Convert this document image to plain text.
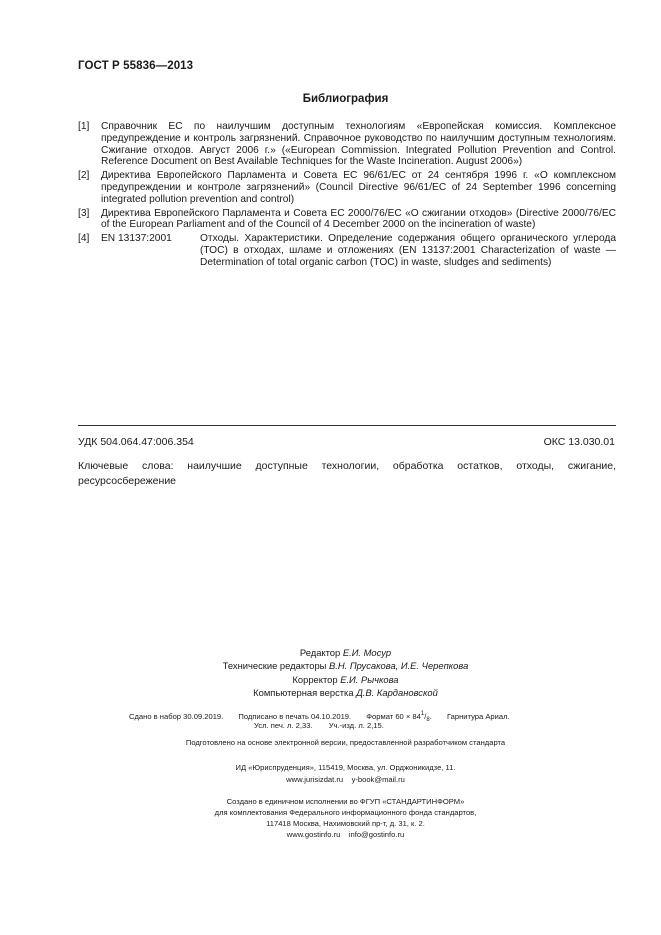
ГОСТ Р 55836—2013
Библиография
[1]	Справочник ЕС по наилучшим доступным технологиям «Европейская комиссия. Комплексное предупреждение и контроль загрязнений. Справочное руководство по наилучшим доступным технологиям. Сжигание отходов. Август 2006 г.» («European Commission. Integrated Pollution Prevention and Control. Reference Document on Best Available Techniques for the Waste Incineration. August 2006»)
[2]	Директива Европейского Парламента и Совета ЕС 96/61/ЕС от 24 сентября 1996 г. «О комплексном предупреждении и контроле загрязнений» (Council Directive 96/61/EC of 24 September 1996 concerning integrated pollution prevention and control)
[3]	Директива Европейского Парламента и Совета ЕС 2000/76/ЕС «О сжигании отходов» (Directive 2000/76/EC of the European Parliament and of the Council of 4 December 2000 on the incineration of waste)
[4]	EN 13137:2001	Отходы. Характеристики. Определение содержания общего органического углерода (ТОС) в отходах, шламе и отложениях (EN 13137:2001 Characterization of waste — Determination of total organic carbon (TOC) in waste, sludges and sediments)
УДК 504.064.47:006.354	ОКС 13.030.01
Ключевые слова: наилучшие доступные технологии, обработка остатков, отходы, сжигание, ресурсосбережение
Редактор Е.И. Мосур
Технические редакторы В.Н. Прусакова, И.Е. Черепкова
Корректор Е.И. Рычкова
Компьютерная верстка Д.В. Кардановской
Сдано в набор 30.09.2019. Подписано в печать 04.10.2019. Формат $60 \times 84^1/_8$. Гарнитура Ариал.
Усл. печ. л. 2,33. Уч.-изд. л. 2,15.
Подготовлено на основе электронной версии, предоставленной разработчиком стандарта
ИД «Юриспруденция», 115419, Москва, ул. Орджоникидзе, 11.
www.jurisizdat.ru y-book@mail.ru
Создано в единичном исполнении во ФГУП «СТАНДАРТИНФОРМ»
для комплектования Федерального информационного фонда стандартов,
117418 Москва, Нахимовский пр-т, д. 31, к. 2.
www.gostinfo.ru info@gostinfo.ru
